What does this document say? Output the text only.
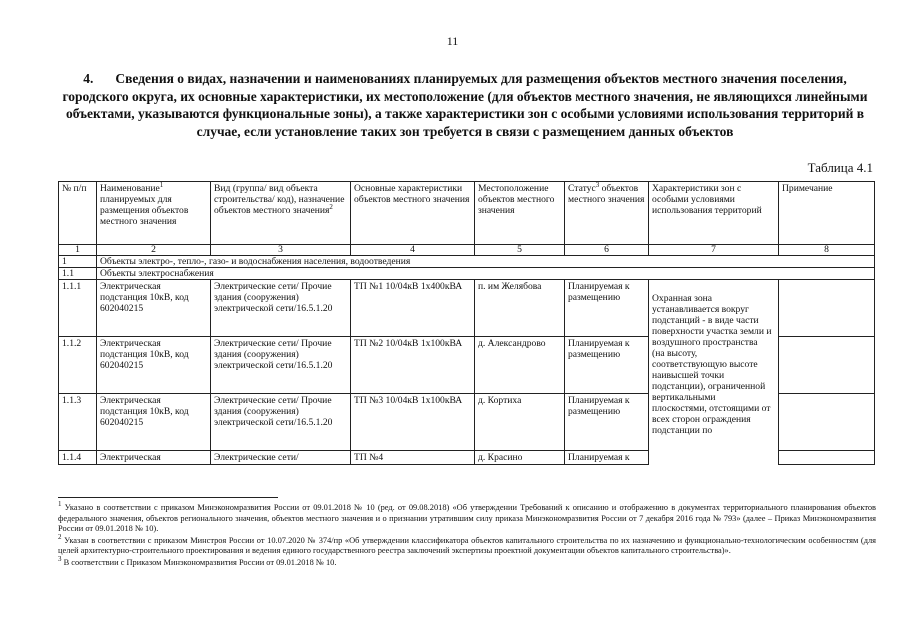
11
4. Сведения о видах, назначении и наименованиях планируемых для размещения объектов местного значения поселения, городского округа, их основные характеристики, их местоположение (для объектов местного значения, не являющихся линейными объектами, указываются функциональные зоны), а также характеристики зон с особыми условиями использования территорий в случае, если установление таких зон требуется в связи с размещением данных объектов
Таблица 4.1
№ п/п	Наименование$^1$ планируемых для размещения объектов местного значения	Вид (группа/ вид объекта строительства/ код), назначение объектов местного значения$^2$	Основные характеристики объектов местного значения	Местоположение объектов местного значения	Статус$^3$ объектов местного значения	Характеристики зон с особыми условиями использования территорий	Примечание
1	2	3	4	5	6	7	8
1	Объекты электро-, тепло-, газо- и водоснабжения населения, водоотведения						
1.1	Объекты электроснабжения						
1.1.1	Электрическая подстанция 10кВ, код 602040215	Электрические сети/ Прочие здания (сооружения) электрической сети/16.5.1.20	ТП №1 10/04кВ 1х400кВА	п. им Желябова	Планируемая к размещению	Охранная зона устанавливается вокруг подстанций - в виде части поверхности участка земли и воздушного пространства (на высоту, соответствующую высоте наивысшей точки подстанции), ограниченной вертикальными плоскостями, отстоящими от всех сторон ограждения подстанции по	
1.1.2	Электрическая подстанция 10кВ, код 602040215	Электрические сети/ Прочие здания (сооружения) электрической сети/16.5.1.20	ТП №2 10/04кВ 1х100кВА	д. Александрово	Планируемая к размещению		
1.1.3	Электрическая подстанция 10кВ, код 602040215	Электрические сети/ Прочие здания (сооружения) электрической сети/16.5.1.20	ТП №3 10/04кВ 1х100кВА	д. Кортиха	Планируемая к размещению		
1.1.4	Электрическая	Электрические сети/	ТП №4	д. Красино	Планируемая к		

$^1$ Указано в соответствии с приказом Минэкономразвития России от 09.01.2018 № 10 (ред. от 09.08.2018) «Об утверждении Требований к описанию и отображению в документах территориального планирования объектов федерального значения, объектов регионального значения, объектов местного значения и о признании утратившим силу приказа Минэкономразвития России от 7 декабря 2016 года № 793» (далее – Приказ Минэкономразвития России от 09.01.2018 № 10).

$^2$ Указан в соответствии с приказом Минстроя России от 10.07.2020 № 374/пр «Об утверждении классификатора объектов капитального строительства по их назначению и функционально-технологическим особенностям (для целей архитектурно-строительного проектирования и ведения единого государственного реестра заключений экспертизы проектной документации объектов капитального строительства)».

$^3$ В соответствии с Приказом Минэкономразвития России от 09.01.2018 № 10.
